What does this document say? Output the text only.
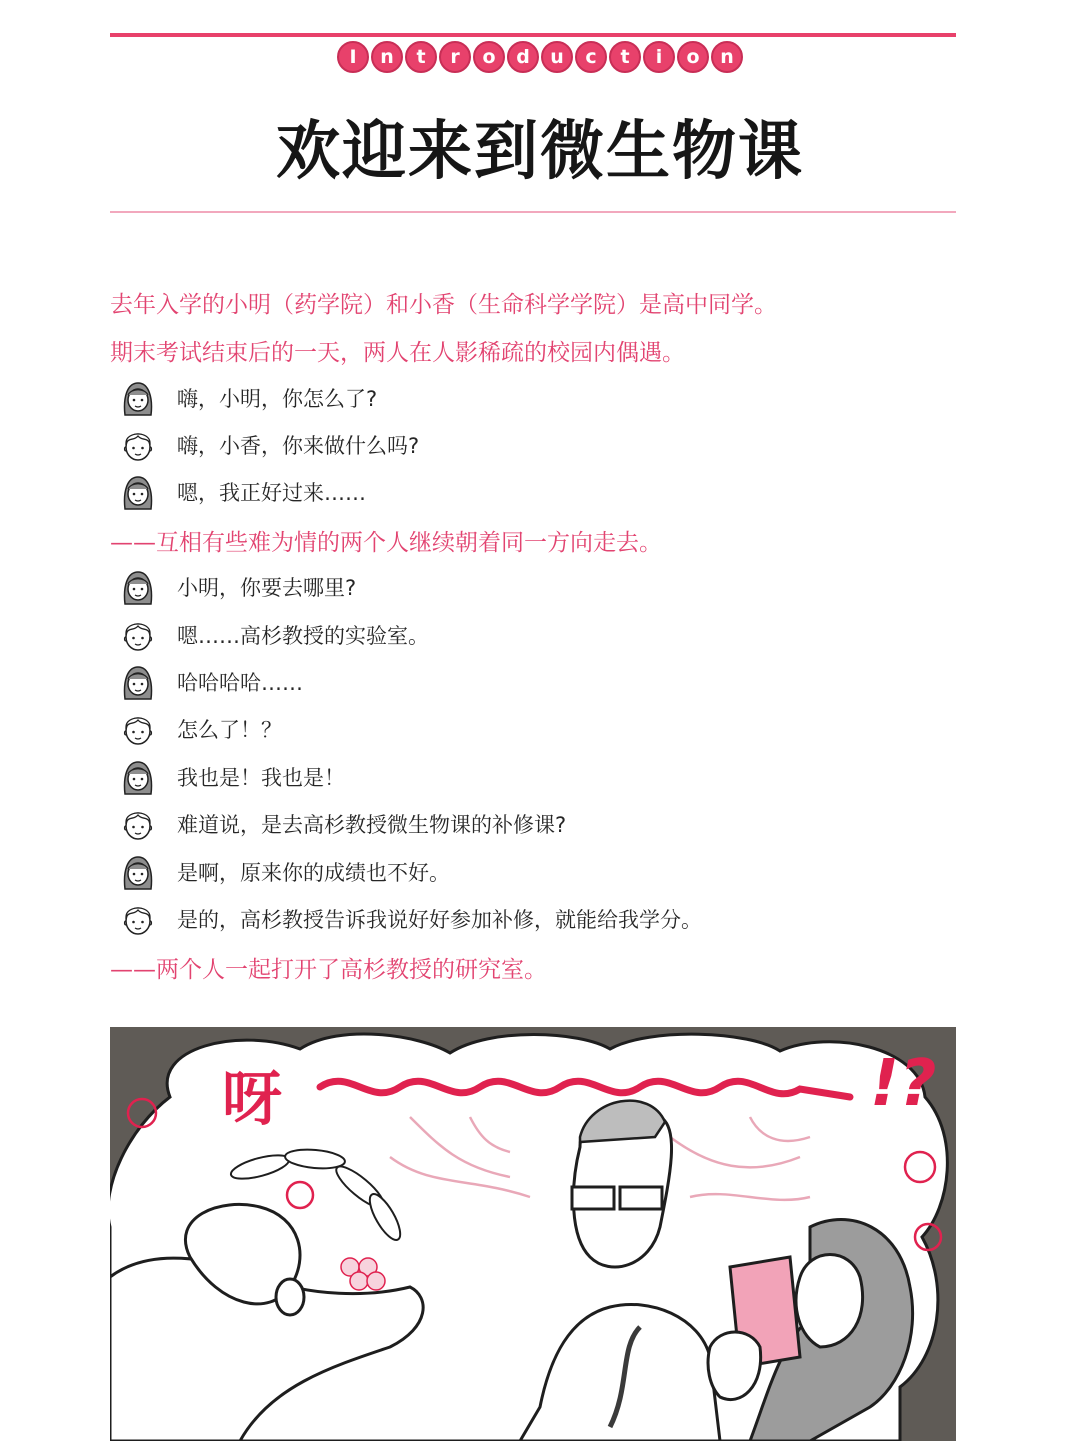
I	n	t	r	o	d	u	c	t	i	o	n
欢迎来到微生物课

去年入学的小明（药学院）和小香（生命科学学院）是高中同学。

期末考试结束后的一天，两人在人影稀疏的校园内偶遇。

嗨，小明，你怎么了?
嗨，小香，你来做什么吗?
嗯，我正好过来……

——互相有些难为情的两个人继续朝着同一方向走去。

小明，你要去哪里?
嗯……高杉教授的实验室。
哈哈哈哈……
怎么了！？
我也是！我也是！
难道说，是去高杉教授微生物课的补修课?
是啊，原来你的成绩也不好。
是的，高杉教授告诉我说好好参加补修，就能给我学分。

——两个人一起打开了高杉教授的研究室。

呀	!?
